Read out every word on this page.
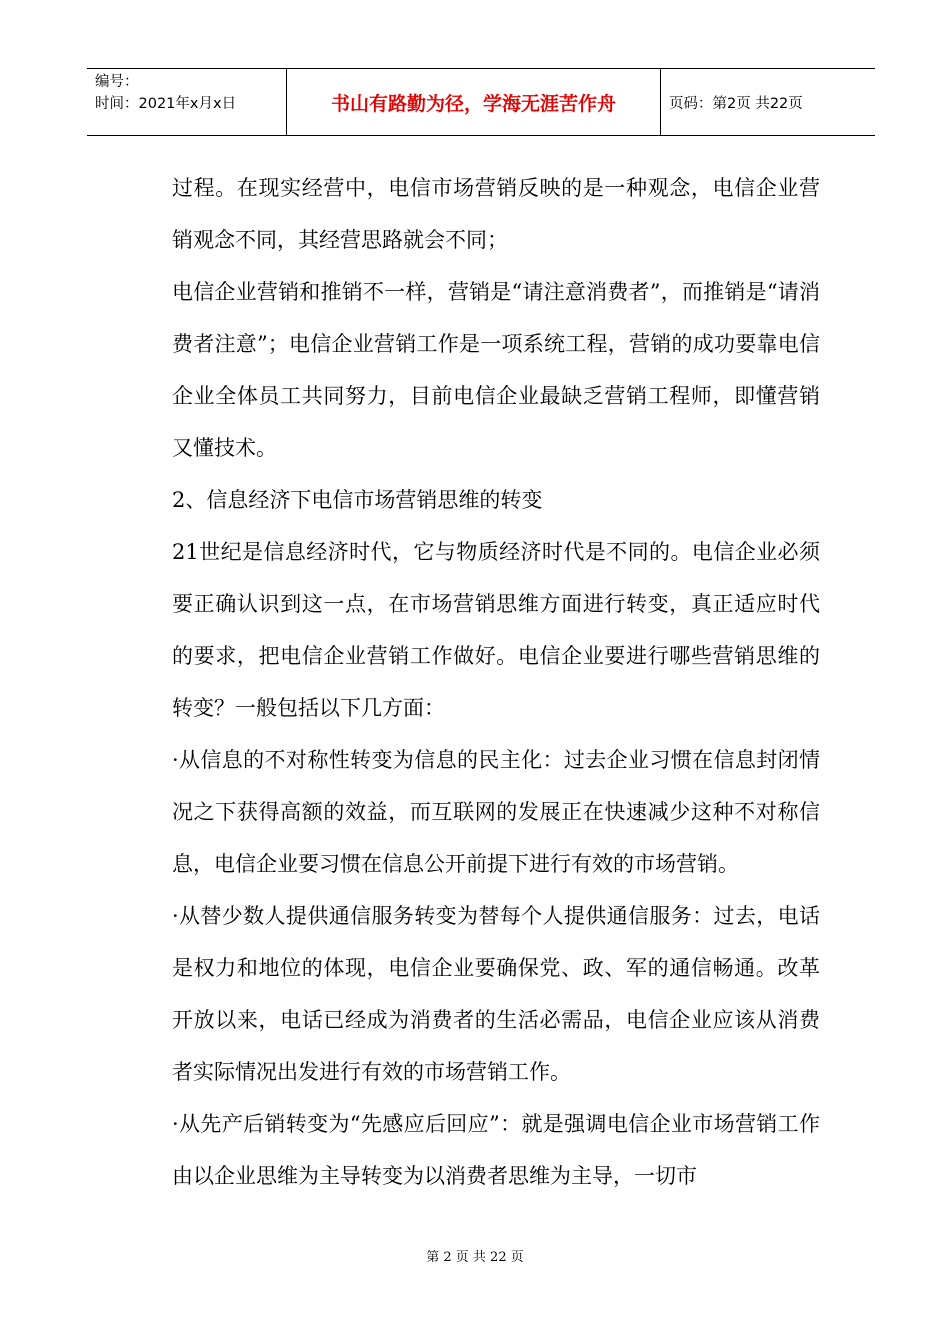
编号：
时间：2021年x月x日	书山有路勤为径，学海无涯苦作舟	页码：第2页 共22页

过程。在现实经营中，电信市场营销反映的是一种观念，电信企业营销观念不同，其经营思路就会不同；

电信企业营销和推销不一样，营销是“请注意消费者”，而推销是“请消费者注意”；电信企业营销工作是一项系统工程，营销的成功要靠电信企业全体员工共同努力，目前电信企业最缺乏营销工程师，即懂营销又懂技术。

2、信息经济下电信市场营销思维的转变

21世纪是信息经济时代，它与物质经济时代是不同的。电信企业必须要正确认识到这一点，在市场营销思维方面进行转变，真正适应时代的要求，把电信企业营销工作做好。电信企业要进行哪些营销思维的转变？一般包括以下几方面：

·从信息的不对称性转变为信息的民主化：过去企业习惯在信息封闭情况之下获得高额的效益，而互联网的发展正在快速减少这种不对称信息，电信企业要习惯在信息公开前提下进行有效的市场营销。

·从替少数人提供通信服务转变为替每个人提供通信服务：过去，电话是权力和地位的体现，电信企业要确保党、政、军的通信畅通。改革开放以来，电话已经成为消费者的生活必需品，电信企业应该从消费者实际情况出发进行有效的市场营销工作。

·从先产后销转变为“先感应后回应”：就是强调电信企业市场营销工作由以企业思维为主导转变为以消费者思维为主导，一切市

第 2 页 共 22 页
